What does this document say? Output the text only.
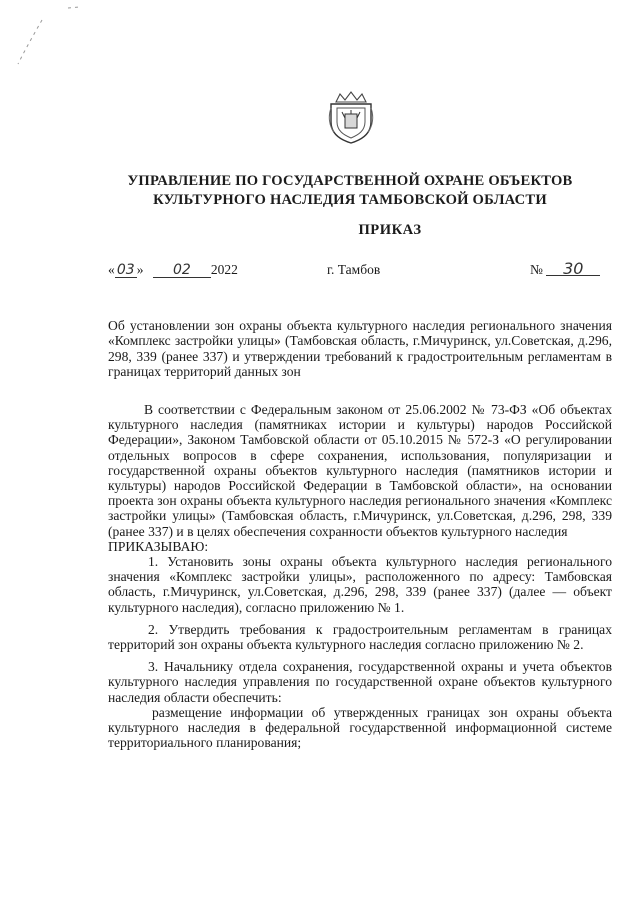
УПРАВЛЕНИЕ ПО ГОСУДАРСТВЕННОЙ ОХРАНЕ ОБЪЕКТОВ
КУЛЬТУРНОГО НАСЛЕДИЯ ТАМБОВСКОЙ ОБЛАСТИ
ПРИКАЗ
« 03 » 02 2022	г. Тамбов	№ 30
Об установлении зон охраны объекта культурного наследия регионального значения «Комплекс застройки улицы» (Тамбовская область, г.Мичуринск, ул.Советская, д.296, 298, 339 (ранее 337) и утверждении требований к градостроительным регламентам в границах территорий данных зон

В соответствии с Федеральным законом от 25.06.2002 № 73-ФЗ «Об объектах культурного наследия (памятниках истории и культуры) народов Российской Федерации», Законом Тамбовской области от 05.10.2015 № 572-З «О регулировании отдельных вопросов в сфере сохранения, использования, популяризации и государственной охраны объектов культурного наследия (памятников истории и культуры) народов Российской Федерации в Тамбовской области», на основании проекта зон охраны объекта культурного наследия регионального значения «Комплекс застройки улицы» (Тамбовская область, г.Мичуринск, ул.Советская, д.296, 298, 339 (ранее 337) и в целях обеспечения сохранности объектов культурного наследия

ПРИКАЗЫВАЮ:

1. Установить зоны охраны объекта культурного наследия регионального значения «Комплекс застройки улицы», расположенного по адресу: Тамбовская область, г.Мичуринск, ул.Советская, д.296, 298, 339 (ранее 337) (далее — объект культурного наследия), согласно приложению № 1.

2. Утвердить требования к градостроительным регламентам в границах территорий зон охраны объекта культурного наследия согласно приложению № 2.

3. Начальнику отдела сохранения, государственной охраны и учета объектов культурного наследия управления по государственной охране объектов культурного наследия области обеспечить:

размещение информации об утвержденных границах зон охраны объекта культурного наследия в федеральной государственной информационной системе территориального планирования;
